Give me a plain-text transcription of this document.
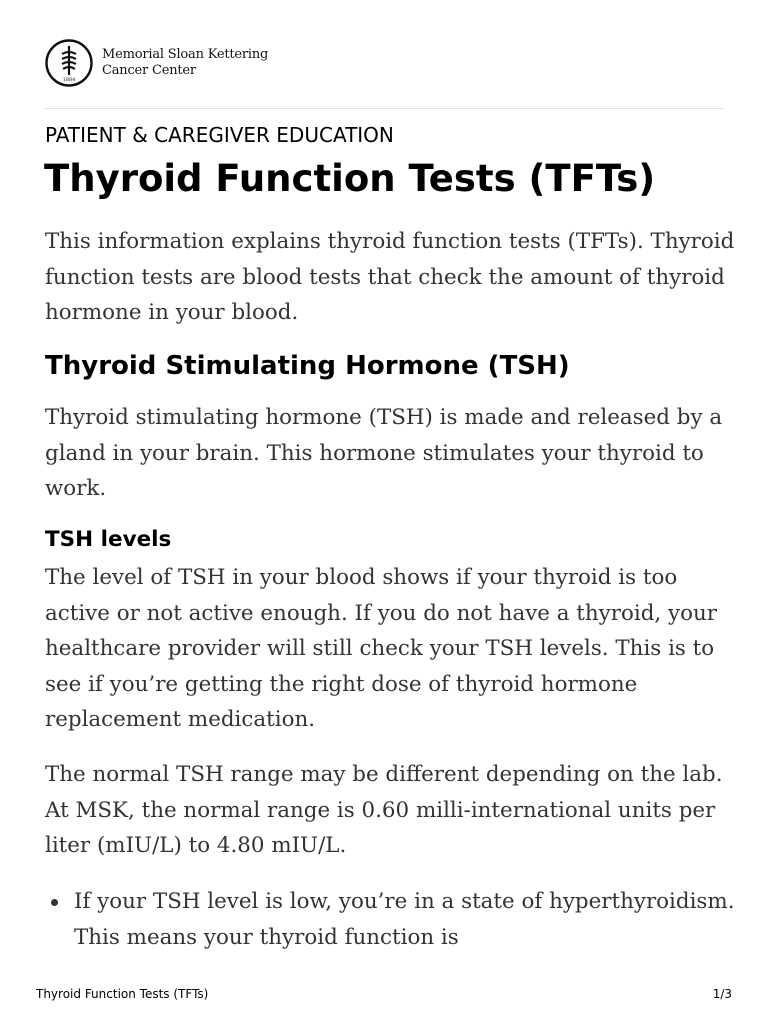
1884
Memorial Sloan Kettering
Cancer Center
PATIENT & CAREGIVER EDUCATION
Thyroid Function Tests (TFTs)

This information explains thyroid function tests (TFTs). Thyroid function tests are blood tests that check the amount of thyroid hormone in your blood.

Thyroid Stimulating Hormone (TSH)

Thyroid stimulating hormone (TSH) is made and released by a gland in your brain. This hormone stimulates your thyroid to work.

TSH levels

The level of TSH in your blood shows if your thyroid is too active or not active enough. If you do not have a thyroid, your healthcare provider will still check your TSH levels. This is to see if you’re getting the right dose of thyroid hormone replacement medication.

The normal TSH range may be different depending on the lab. At MSK, the normal range is 0.60 milli-international units per liter (mIU/L) to 4.80 mIU/L.

If your TSH level is low, you’re in a state of hyperthyroidism. This means your thyroid function is
Thyroid Function Tests (TFTs)	1/3
